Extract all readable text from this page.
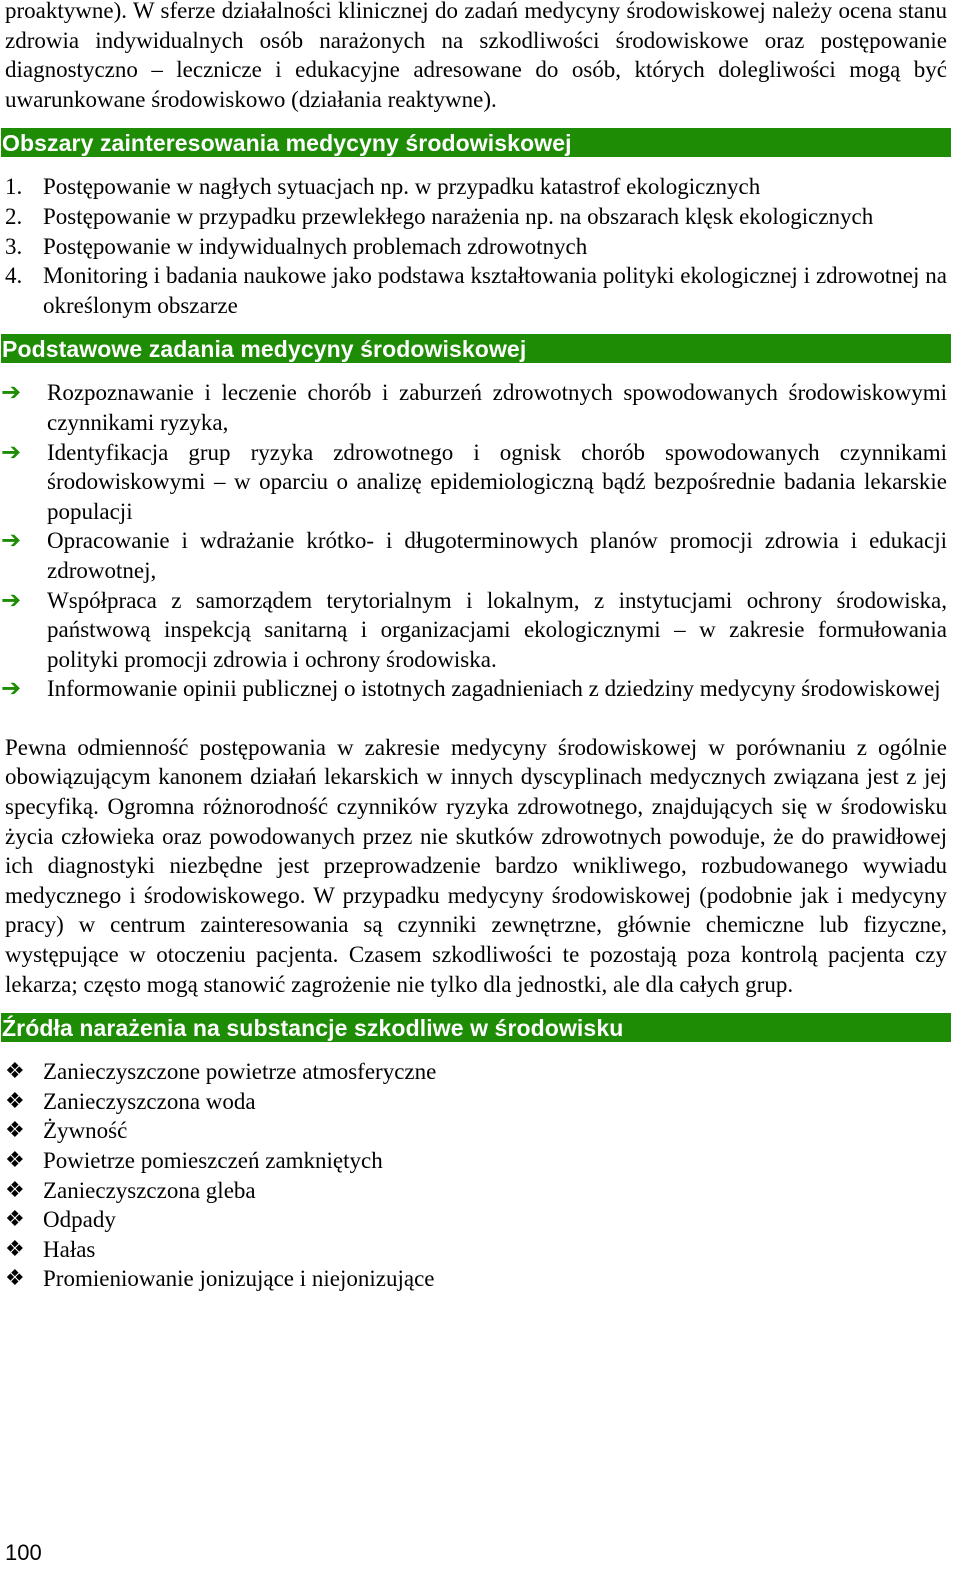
proaktywne). W sferze działalności klinicznej do zadań medycyny środowiskowej należy ocena stanu zdrowia indywidualnych osób narażonych na szkodliwości środowiskowe oraz postępowanie diagnostyczno – lecznicze i edukacyjne adresowane do osób, których dolegliwości mogą być uwarunkowane środowiskowo (działania reaktywne).

Obszary zainteresowania medycyny środowiskowej
1. Postępowanie w nagłych sytuacjach np. w przypadku katastrof ekologicznych
2. Postępowanie w przypadku przewlekłego narażenia np. na obszarach klęsk ekologicznych
3. Postępowanie w indywidualnych problemach zdrowotnych
4. Monitoring i badania naukowe jako podstawa kształtowania polityki ekologicznej i zdrowotnej na określonym obszarze
Podstawowe zadania medycyny środowiskowej
➔ Rozpoznawanie i leczenie chorób i zaburzeń zdrowotnych spowodowanych środowiskowymi czynnikami ryzyka,
➔ Identyfikacja grup ryzyka zdrowotnego i ognisk chorób spowodowanych czynnikami środowiskowymi – w oparciu o analizę epidemiologiczną bądź bezpośrednie badania lekarskie populacji
➔ Opracowanie i wdrażanie krótko- i długoterminowych planów promocji zdrowia i edukacji zdrowotnej,
➔ Współpraca z samorządem terytorialnym i lokalnym, z instytucjami ochrony środowiska, państwową inspekcją sanitarną i organizacjami ekologicznymi – w zakresie formułowania polityki promocji zdrowia i ochrony środowiska.
➔ Informowanie opinii publicznej o istotnych zagadnieniach z dziedziny medycyny środowiskowej

Pewna odmienność postępowania w zakresie medycyny środowiskowej w porównaniu z ogólnie obowiązującym kanonem działań lekarskich w innych dyscyplinach medycznych związana jest z jej specyfiką. Ogromna różnorodność czynników ryzyka zdrowotnego, znajdujących się w środowisku życia człowieka oraz powodowanych przez nie skutków zdrowotnych powoduje, że do prawidłowej ich diagnostyki niezbędne jest przeprowadzenie bardzo wnikliwego, rozbudowanego wywiadu medycznego i środowiskowego. W przypadku medycyny środowiskowej (podobnie jak i medycyny pracy) w centrum zainteresowania są czynniki zewnętrzne, głównie chemiczne lub fizyczne, występujące w otoczeniu pacjenta. Czasem szkodliwości te pozostają poza kontrolą pacjenta czy lekarza; często mogą stanowić zagrożenie nie tylko dla jednostki, ale dla całych grup.

Źródła narażenia na substancje szkodliwe w środowisku
❖ Zanieczyszczone powietrze atmosferyczne
❖ Zanieczyszczona woda
❖ Żywność
❖ Powietrze pomieszczeń zamkniętych
❖ Zanieczyszczona gleba
❖ Odpady
❖ Hałas
❖ Promieniowanie jonizujące i niejonizujące
100
